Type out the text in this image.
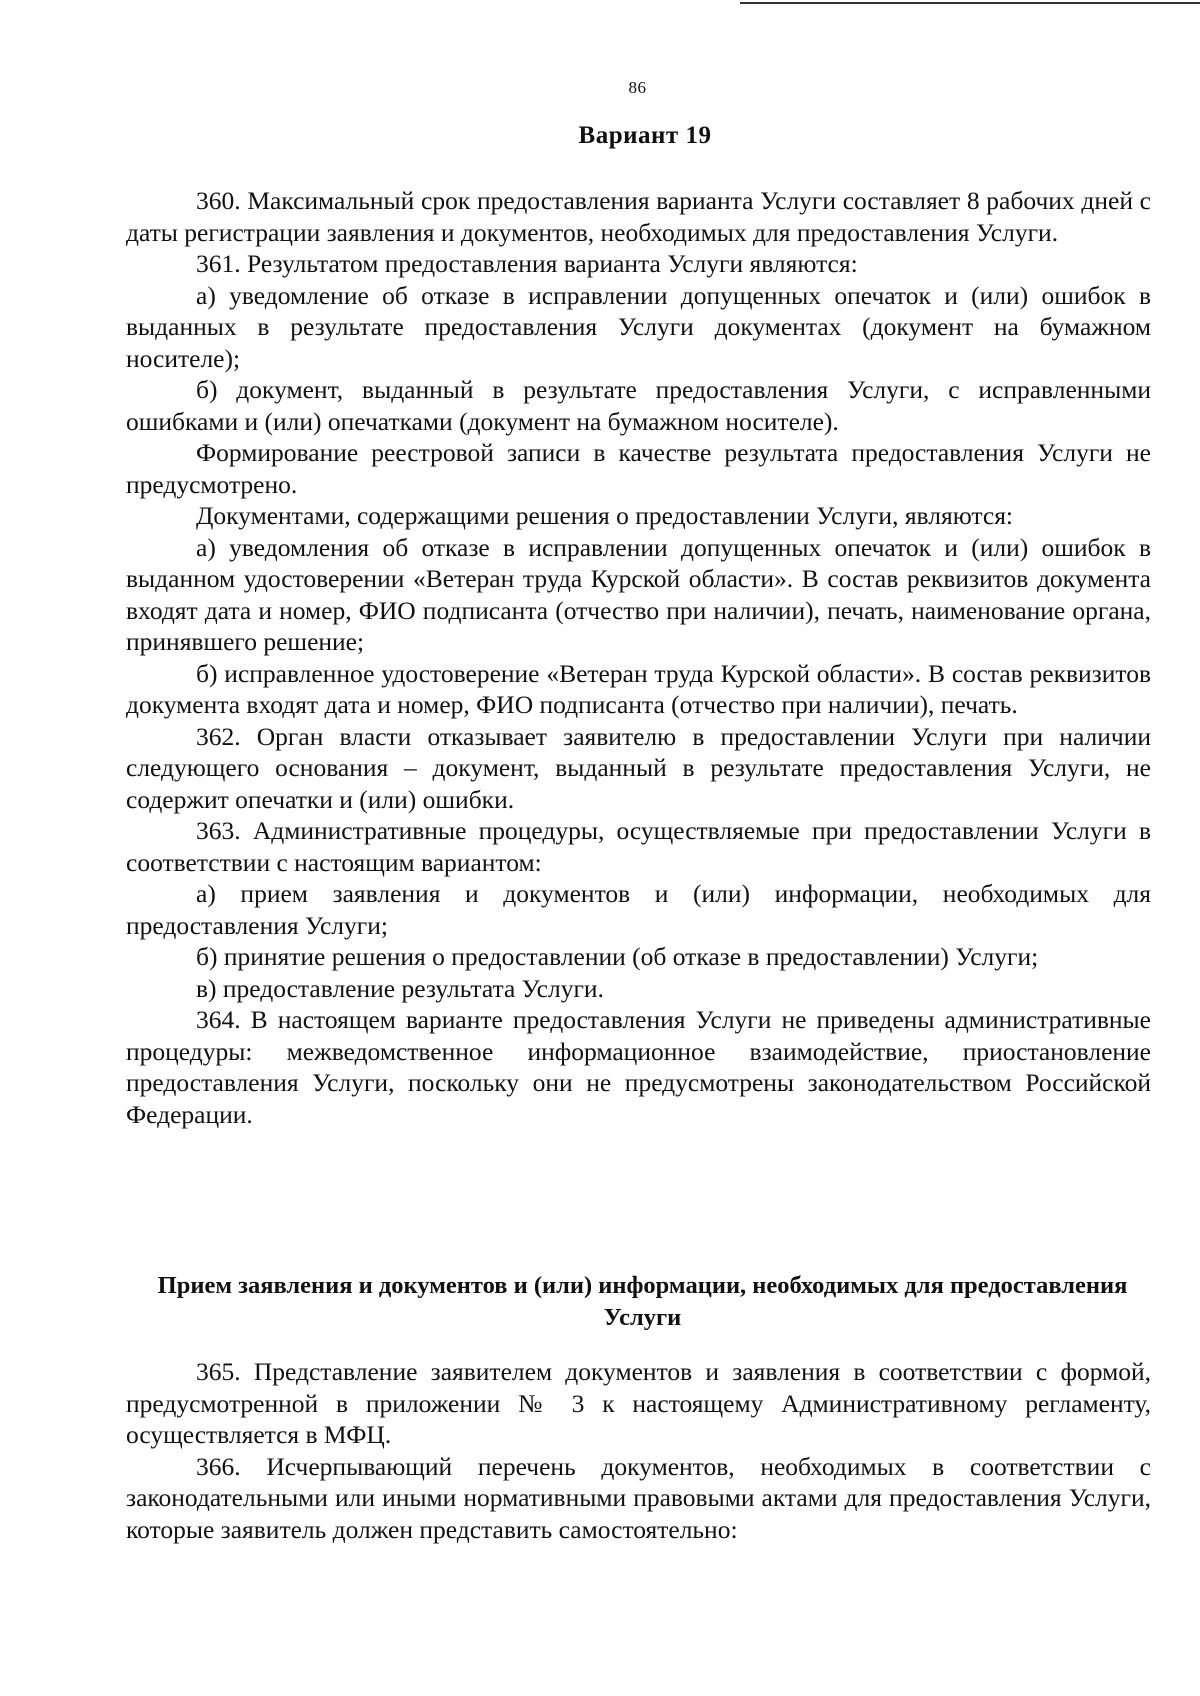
86
Вариант 19

360. Максимальный срок предоставления варианта Услуги составляет 8 рабочих дней с даты регистрации заявления и документов, необходимых для предоставления Услуги.

361. Результатом предоставления варианта Услуги являются:

а) уведомление об отказе в исправлении допущенных опечаток и (или) ошибок в выданных в результате предоставления Услуги документах (документ на бумажном носителе);

б) документ, выданный в результате предоставления Услуги, с исправленными ошибками и (или) опечатками (документ на бумажном носителе).

Формирование реестровой записи в качестве результата предоставления Услуги не предусмотрено.

Документами, содержащими решения о предоставлении Услуги, являются:

а) уведомления об отказе в исправлении допущенных опечаток и (или) ошибок в выданном удостоверении «Ветеран труда Курской области». В состав реквизитов документа входят дата и номер, ФИО подписанта (отчество при наличии), печать, наименование органа, принявшего решение;

б) исправленное удостоверение «Ветеран труда Курской области». В состав реквизитов документа входят дата и номер, ФИО подписанта (отчество при наличии), печать.

362. Орган власти отказывает заявителю в предоставлении Услуги при наличии следующего основания – документ, выданный в результате предоставления Услуги, не содержит опечатки и (или) ошибки.

363. Административные процедуры, осуществляемые при предоставлении Услуги в соответствии с настоящим вариантом:

а) прием заявления и документов и (или) информации, необходимых для предоставления Услуги;

б) принятие решения о предоставлении (об отказе в предоставлении) Услуги;

в) предоставление результата Услуги.

364. В настоящем варианте предоставления Услуги не приведены административные процедуры: межведомственное информационное взаимодействие, приостановление предоставления Услуги, поскольку они не предусмотрены законодательством Российской Федерации.

Прием заявления и документов и (или) информации, необходимых для предоставления Услуги

365. Представление заявителем документов и заявления в соответствии с формой, предусмотренной в приложении № 3 к настоящему Административному регламенту, осуществляется в МФЦ.

366. Исчерпывающий перечень документов, необходимых в соответствии с законодательными или иными нормативными правовыми актами для предоставления Услуги, которые заявитель должен представить самостоятельно:
